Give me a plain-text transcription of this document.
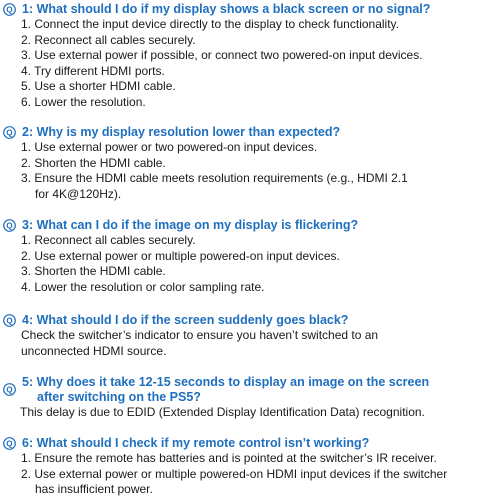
Q 1: What should I do if my display shows a black screen or no signal?
1. Connect the input device directly to the display to check functionality.
2. Reconnect all cables securely.
3. Use external power if possible, or connect two powered-on input devices.
4. Try different HDMI ports.
5. Use a shorter HDMI cable.
6. Lower the resolution.
Q 2: Why is my display resolution lower than expected?
1. Use external power or two powered-on input devices.
2. Shorten the HDMI cable.
3. Ensure the HDMI cable meets resolution requirements (e.g., HDMI 2.1
for 4K@120Hz).
Q 3: What can I do if the image on my display is flickering?
1. Reconnect all cables securely.
2. Use external power or multiple powered-on input devices.
3. Shorten the HDMI cable.
4. Lower the resolution or color sampling rate.
Q 4: What should I do if the screen suddenly goes black?
Check the switcher’s indicator to ensure you haven’t switched to an
unconnected HDMI source.
Q
5: Why does it take 12-15 seconds to display an image on the screen
after switching on the PS5?
This delay is due to EDID (Extended Display Identification Data) recognition.
Q 6: What should I check if my remote control isn’t working?
1. Ensure the remote has batteries and is pointed at the switcher’s IR receiver.
2. Use external power or multiple powered-on HDMI input devices if the switcher
has insufficient power.
